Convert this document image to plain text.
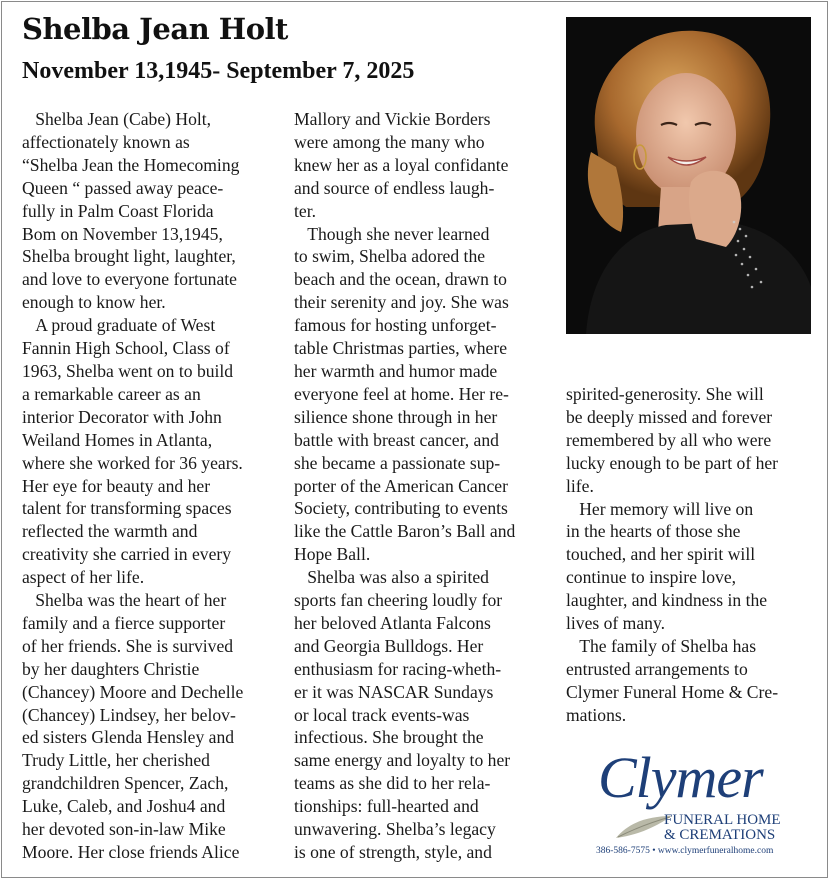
Shelba Jean Holt
November 13,1945- September 7, 2025
Shelba Jean (Cabe) Holt,
affectionately known as
“Shelba Jean the Homecoming
Queen “ passed away peace-
fully in Palm Coast Florida
Bom on November 13,1945,
Shelba brought light, laughter,
and love to everyone fortunate
enough to know her.
A proud graduate of West
Fannin High School, Class of
1963, Shelba went on to build
a remarkable career as an
interior Decorator with John
Weiland Homes in Atlanta,
where she worked for 36 years.
Her eye for beauty and her
talent for transforming spaces
reflected the warmth and
creativity she carried in every
aspect of her life.
Shelba was the heart of her
family and a fierce supporter
of her friends. She is survived
by her daughters Christie
(Chancey) Moore and Dechelle
(Chancey) Lindsey, her belov-
ed sisters Glenda Hensley and
Trudy Little, her cherished
grandchildren Spencer, Zach,
Luke, Caleb, and Joshu4 and
her devoted son-in-law Mike
Moore. Her close friends Alice
Mallory and Vickie Borders
were among the many who
knew her as a loyal confidante
and source of endless laugh-
ter.
Though she never learned
to swim, Shelba adored the
beach and the ocean, drawn to
their serenity and joy. She was
famous for hosting unforget-
table Christmas parties, where
her warmth and humor made
everyone feel at home. Her re-
silience shone through in her
battle with breast cancer, and
she became a passionate sup-
porter of the American Cancer
Society, contributing to events
like the Cattle Baron’s Ball and
Hope Ball.
Shelba was also a spirited
sports fan cheering loudly for
her beloved Atlanta Falcons
and Georgia Bulldogs. Her
enthusiasm for racing-wheth-
er it was NASCAR Sundays
or local track events-was
infectious. She brought the
same energy and loyalty to her
teams as she did to her rela-
tionships: full-hearted and
unwavering. Shelba’s legacy
is one of strength, style, and
spirited-generosity. She will
be deeply missed and forever
remembered by all who were
lucky enough to be part of her
life.
Her memory will live on
in the hearts of those she
touched, and her spirit will
continue to inspire love,
laughter, and kindness in the
lives of many.
The family of Shelba has
entrusted arrangements to
Clymer Funeral Home & Cre-
mations.
Clymer
FUNERAL HOME
& CREMATIONS
386-586-7575 • www.clymerfuneralhome.com
